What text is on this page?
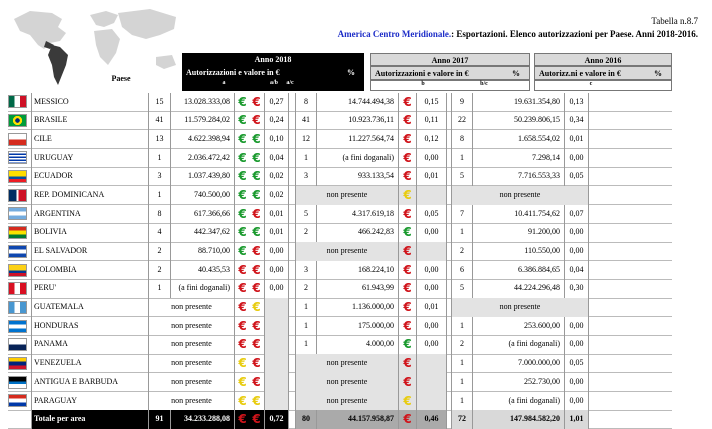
Tabella n.8.7
America Centro Meridionale.: Esportazioni. Elenco autorizzazioni per Paese. Anni 2018-2016.
Paese
Anno 2018
Autorizzazioni e valore in €	%
a	a/b	a/c
Anno 2017
Autorizzazioni e valore in €	%
b	b/c
Anno 2016
Autorizz.ni e valore in €	%
c
MESSICO	15	13.028.333,08 € €	0,27	8	14.744.494,38 €	0,15	9	19.631.354,80	0,13
BRASILE	41	11.579.284,02 € €	0,24	41	10.923.736,11 €	0,11	22	50.239.806,15	0,34
CILE	13	4.622.398,94 € €	0,10	12	11.227.564,74 €	0,12	8	1.658.554,02	0,01
URUGUAY	1	2.036.472,42 € €	0,04	1	(a fini doganali) €	0,00	1	7.298,14	0,00
ECUADOR	3	1.037.439,80 € €	0,02	3	933.133,54 €	0,01	5	7.716.553,33	0,05
REP. DOMINICANA	1	740.500,00 € €	0,02	non presente	€	non presente
ARGENTINA	8	617.366,66 € €	0,01	5	4.317.619,18 €	0,05	7	10.411.754,62	0,07
BOLIVIA	4	442.347,62 € €	0,01	2	466.242,83 €	0,00	1	91.200,00	0,00
EL SALVADOR	2	88.710,00 € €	0,00	non presente	€	2	110.550,00	0,00
COLOMBIA	2	40.435,53 € €	0,00	3	168.224,10 €	0,00	6	6.386.884,65	0,04
PERU'	1	(a fini doganali) € €	0,00	2	61.943,99 €	0,00	5	44.224.296,48	0,30
GUATEMALA	non presente	€ €	1	1.136.000,00 €	0,01	non presente
HONDURAS	non presente	€ €	1	175.000,00 €	0,00	1	253.600,00	0,00
PANAMA	non presente	€ €	1	4.000,00 €	0,00	2	(a fini doganali)	0,00
VENEZUELA	non presente	€ €	non presente	€	1	7.000.000,00	0,05
ANTIGUA E BARBUDA	non presente	€ €	non presente	€	1	252.730,00	0,00
PARAGUAY	non presente	€ €	non presente	€	1	(a fini doganali)	0,00
Totale per area	91	34.233.288,08 € €	0,72	80	44.157.958,87 €	0,46	72	147.984.582,20	1,01
